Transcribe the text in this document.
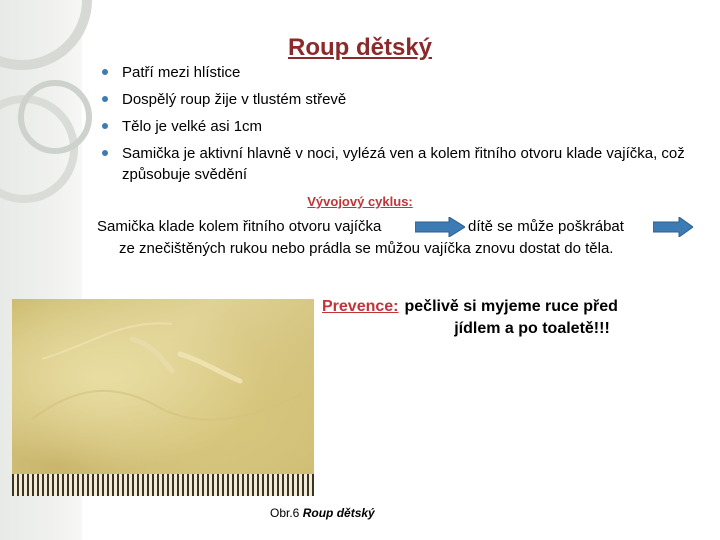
Roup dětský
Patří mezi hlístice
Dospělý roup žije v tlustém střevě
Tělo je velké asi 1cm
Samička je aktivní hlavně v noci, vylézá ven a kolem řitního otvoru klade vajíčka, což způsobuje svědění
Vývojový cyklus:
Samička klade kolem řitního otvoru vajíčka	dítě se může poškrábat
ze znečištěných rukou nebo prádla se můžou vajíčka znovu dostat do těla.
Prevence: pečlivě si myjeme ruce před
jídlem a po toaletě!!!
Obr.6 Roup dětský
